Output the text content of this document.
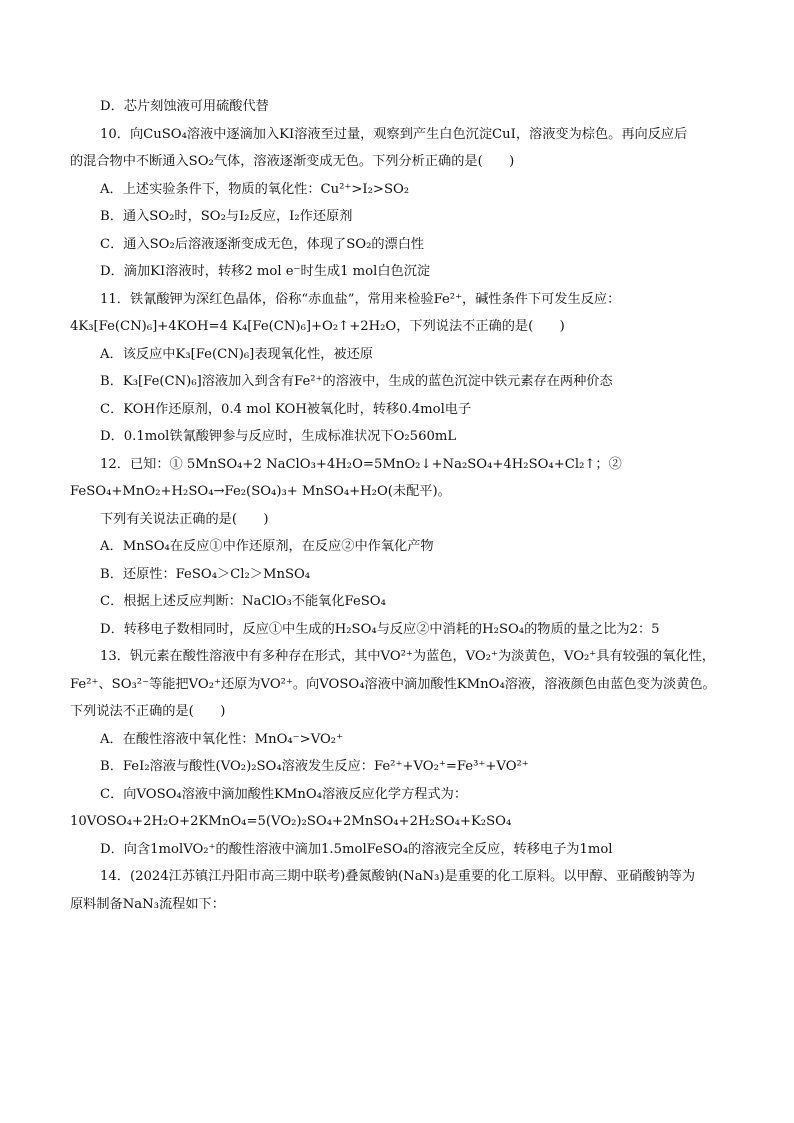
D．芯片刻蚀液可用硫酸代替
10．向CuSO₄溶液中逐滴加入KI溶液至过量，观察到产生白色沉淀CuI，溶液变为棕色。再向反应后
的混合物中不断通入SO₂气体，溶液逐渐变成无色。下列分析正确的是(　　)
A．上述实验条件下，物质的氧化性：Cu²⁺>I₂>SO₂
B．通入SO₂时，SO₂与I₂反应，I₂作还原剂
C．通入SO₂后溶液逐渐变成无色，体现了SO₂的漂白性
D．滴加KI溶液时，转移2 mol e⁻时生成1 mol白色沉淀
11．铁氰酸钾为深红色晶体，俗称“赤血盐”，常用来检验Fe²⁺，碱性条件下可发生反应：
4K₃[Fe(CN)₆]+4KOH=4 K₄[Fe(CN)₆]+O₂↑+2H₂O，下列说法不正确的是(　　)
A．该反应中K₃[Fe(CN)₆]表现氧化性，被还原
B．K₃[Fe(CN)₆]溶液加入到含有Fe²⁺的溶液中，生成的蓝色沉淀中铁元素存在两种价态
C．KOH作还原剂，0.4 mol KOH被氧化时，转移0.4mol电子
D．0.1mol铁氰酸钾参与反应时，生成标准状况下O₂560mL
12．已知：① 5MnSO₄+2 NaClO₃+4H₂O=5MnO₂↓+Na₂SO₄+4H₂SO₄+Cl₂↑；②
FeSO₄+MnO₂+H₂SO₄→Fe₂(SO₄)₃+ MnSO₄+H₂O(未配平)。
下列有关说法正确的是(　　)
A．MnSO₄在反应①中作还原剂，在反应②中作氧化产物
B．还原性：FeSO₄＞Cl₂＞MnSO₄
C．根据上述反应判断：NaClO₃不能氧化FeSO₄
D．转移电子数相同时，反应①中生成的H₂SO₄与反应②中消耗的H₂SO₄的物质的量之比为2：5
13．钒元素在酸性溶液中有多种存在形式，其中VO²⁺为蓝色，VO₂⁺为淡黄色，VO₂⁺具有较强的氧化性，
Fe²⁺、SO₃²⁻等能把VO₂⁺还原为VO²⁺。向VOSO₄溶液中滴加酸性KMnO₄溶液，溶液颜色由蓝色变为淡黄色。
下列说法不正确的是(　　)
A．在酸性溶液中氧化性：MnO₄⁻>VO₂⁺
B．FeI₂溶液与酸性(VO₂)₂SO₄溶液发生反应：Fe²⁺+VO₂⁺=Fe³⁺+VO²⁺
C．向VOSO₄溶液中滴加酸性KMnO₄溶液反应化学方程式为：
10VOSO₄+2H₂O+2KMnO₄=5(VO₂)₂SO₄+2MnSO₄+2H₂SO₄+K₂SO₄
D．向含1molVO₂⁺的酸性溶液中滴加1.5molFeSO₄的溶液完全反应，转移电子为1mol
14．(2024江苏镇江丹阳市高三期中联考)叠氮酸钠(NaN₃)是重要的化工原料。以甲醇、亚硝酸钠等为
原料制备NaN₃流程如下：
